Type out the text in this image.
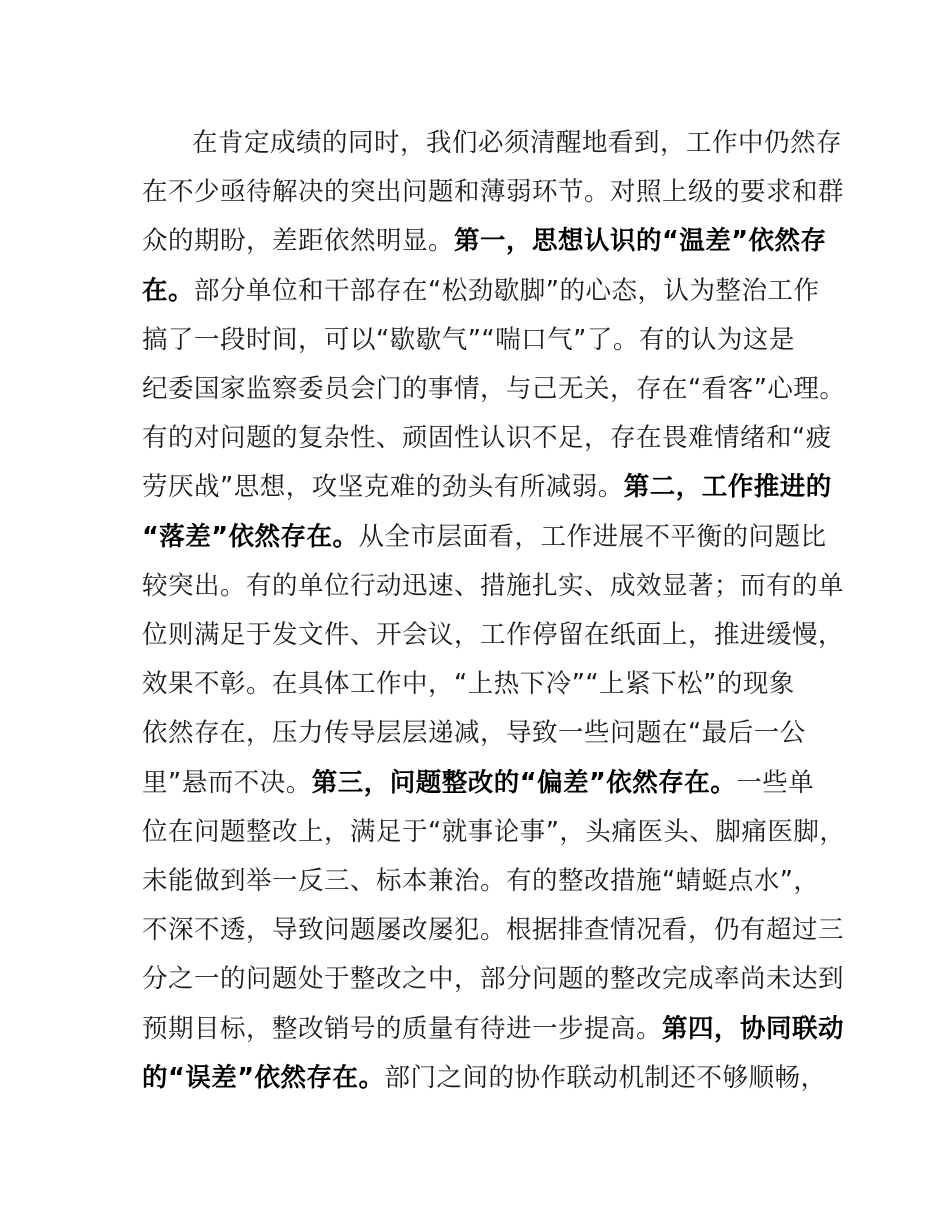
在肯定成绩的同时，我们必须清醒地看到，工作中仍然存
在不少亟待解决的突出问题和薄弱环节。对照上级的要求和群
众的期盼，差距依然明显。第一，思想认识的“温差”依然存
在。部分单位和干部存在“松劲歇脚”的心态，认为整治工作
搞了一段时间，可以“歇歇气”“喘口气”了。有的认为这是
纪委国家监察委员会门的事情，与己无关，存在“看客”心理。
有的对问题的复杂性、顽固性认识不足，存在畏难情绪和“疲
劳厌战”思想，攻坚克难的劲头有所减弱。第二，工作推进的
“落差”依然存在。从全市层面看，工作进展不平衡的问题比
较突出。有的单位行动迅速、措施扎实、成效显著；而有的单
位则满足于发文件、开会议，工作停留在纸面上，推进缓慢，
效果不彰。在具体工作中，“上热下冷”“上紧下松”的现象
依然存在，压力传导层层递减，导致一些问题在“最后一公
里”悬而不决。第三，问题整改的“偏差”依然存在。一些单
位在问题整改上，满足于“就事论事”，头痛医头、脚痛医脚，
未能做到举一反三、标本兼治。有的整改措施“蜻蜓点水”，
不深不透，导致问题屡改屡犯。根据排查情况看，仍有超过三
分之一的问题处于整改之中，部分问题的整改完成率尚未达到
预期目标，整改销号的质量有待进一步提高。第四，协同联动
的“误差”依然存在。部门之间的协作联动机制还不够顺畅，
